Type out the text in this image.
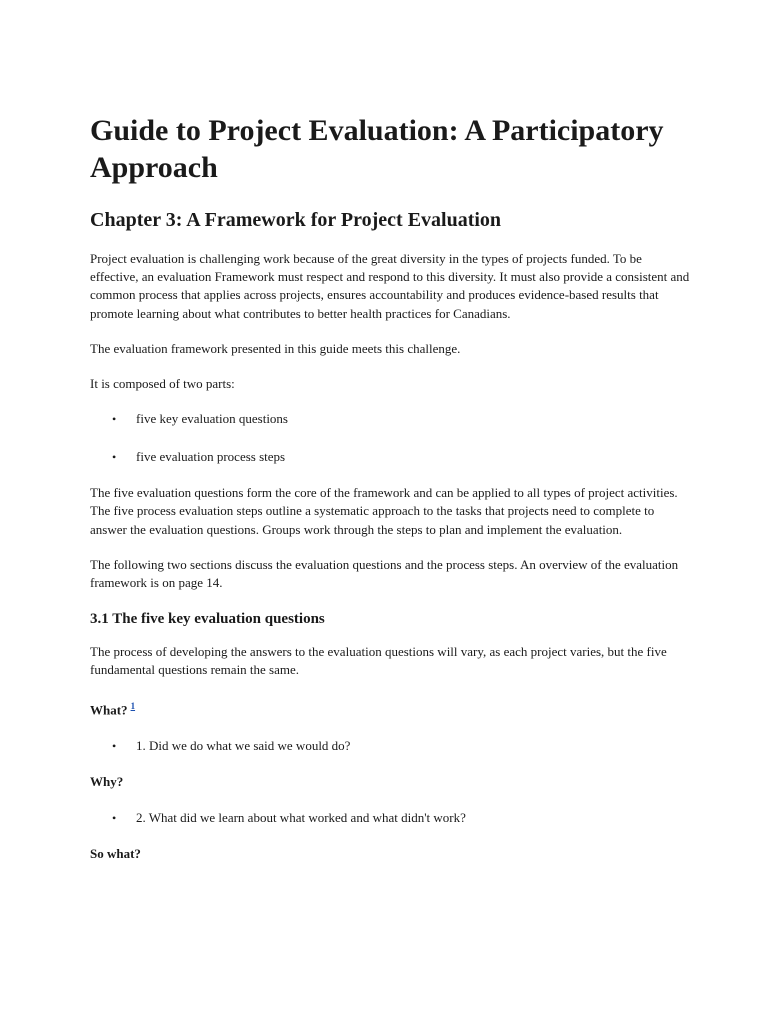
Guide to Project Evaluation: A Participatory Approach
Chapter 3: A Framework for Project Evaluation

Project evaluation is challenging work because of the great diversity in the types of projects funded. To be effective, an evaluation Framework must respect and respond to this diversity. It must also provide a consistent and common process that applies across projects, ensures accountability and produces evidence-based results that promote learning about what contributes to better health practices for Canadians.

The evaluation framework presented in this guide meets this challenge.

It is composed of two parts:

• five key evaluation questions
• five evaluation process steps

The five evaluation questions form the core of the framework and can be applied to all types of project activities. The five process evaluation steps outline a systematic approach to the tasks that projects need to complete to answer the evaluation questions. Groups work through the steps to plan and implement the evaluation.

The following two sections discuss the evaluation questions and the process steps. An overview of the evaluation framework is on page 14.

3.1 The five key evaluation questions

The process of developing the answers to the evaluation questions will vary, as each project varies, but the five fundamental questions remain the same.

What? $^1$

• 1. Did we do what we said we would do?

Why?

• 2. What did we learn about what worked and what didn't work?

So what?
